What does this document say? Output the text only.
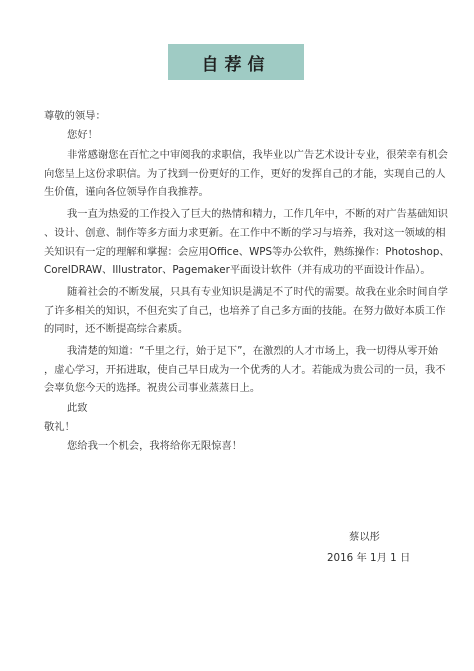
自荐信
尊敬的领导：
您好！
非常感谢您在百忙之中审阅我的求职信，我毕业以广告艺术设计专业，很荣幸有机会
向您呈上这份求职信。为了找到一份更好的工作，更好的发挥自己的才能，实现自己的人
生价值，谨向各位领导作自我推荐。
我一直为热爱的工作投入了巨大的热情和精力，工作几年中，不断的对广告基础知识
、设计、创意、制作等多方面力求更新。在工作中不断的学习与培养，我对这一领域的相
关知识有一定的理解和掌握：会应用Office、WPS等办公软件，熟练操作：Photoshop、
CorelDRAW、Illustrator、Pagemaker平面设计软件（并有成功的平面设计作品）。
随着社会的不断发展，只具有专业知识是满足不了时代的需要。故我在业余时间自学
了许多相关的知识，不但充实了自己，也培养了自己多方面的技能。在努力做好本质工作
的同时，还不断提高综合素质。
我清楚的知道：“千里之行，始于足下”，在激烈的人才市场上，我一切得从零开始
，虚心学习，开拓进取，使自己早日成为一个优秀的人才。若能成为贵公司的一员，我不
会辜负您今天的选择。祝贵公司事业蒸蒸日上。
此致
敬礼！
您给我一个机会，我将给你无限惊喜！
蔡以彤
2016 年 1月 1 日
